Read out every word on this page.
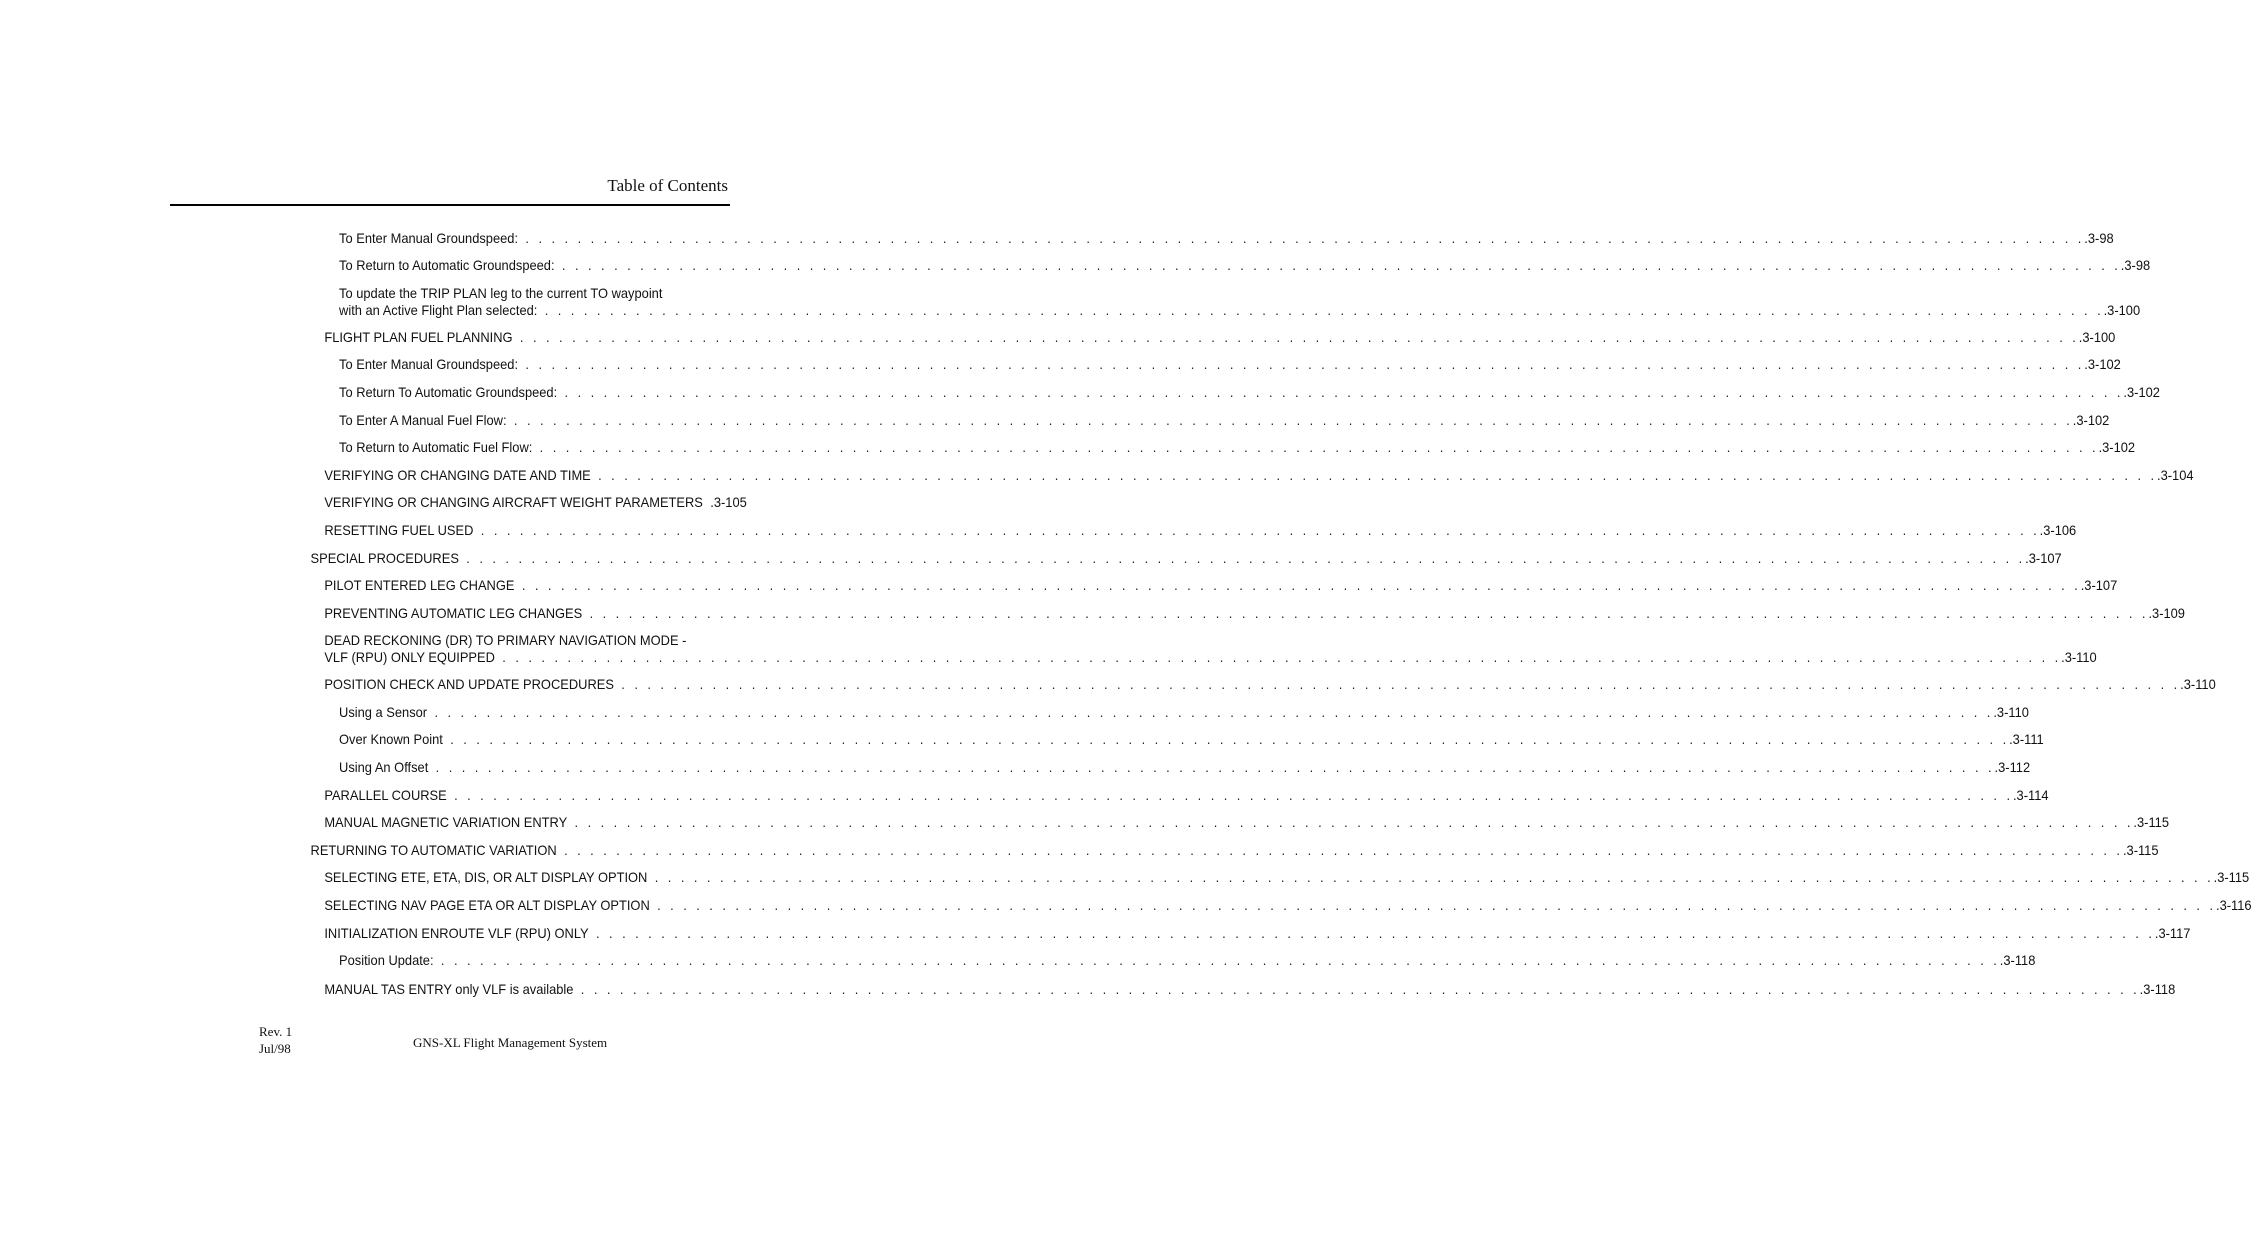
Table of Contents
To Enter Manual Groundspeed: . . . . . . . . . . . . . . . . . . . . . . . . . . . . . . . . . . . . . . . . . . . . . . . . . . . . . . . . . . . . . . . . . . . . . . . . . . . . . . . . . . . . . . . . . . . . . . . . . . . . . . . . . . . . . . . . . . . . . . . . .3-98
To Return to Automatic Groundspeed: . . . . . . . . . . . . . . . . . . . . . . . . . . . . . . . . . . . . . . . . . . . . . . . . . . . . . . . . . . . . . . . . . . . . . . . . . . . . . . . . . . . . . . . . . . . . . . . . . . . . . . . . . . . . . . . . . . . . . . . . .3-98
To update the TRIP PLAN leg to the current TO waypoint
with an Active Flight Plan selected: . . . . . . . . . . . . . . . . . . . . . . . . . . . . . . . . . . . . . . . . . . . . . . . . . . . . . . . . . . . . . . . . . . . . . . . . . . . . . . . . . . . . . . . . . . . . . . . . . . . . . . . . . . . . . . . . . . . . . . . . .3-100
FLIGHT PLAN FUEL PLANNING . . . . . . . . . . . . . . . . . . . . . . . . . . . . . . . . . . . . . . . . . . . . . . . . . . . . . . . . . . . . . . . . . . . . . . . . . . . . . . . . . . . . . . . . . . . . . . . . . . . . . . . . . . . . . . . . . . . . . . . . .3-100
To Enter Manual Groundspeed: . . . . . . . . . . . . . . . . . . . . . . . . . . . . . . . . . . . . . . . . . . . . . . . . . . . . . . . . . . . . . . . . . . . . . . . . . . . . . . . . . . . . . . . . . . . . . . . . . . . . . . . . . . . . . . . . . . . . . . . . .3-102
To Return To Automatic Groundspeed: . . . . . . . . . . . . . . . . . . . . . . . . . . . . . . . . . . . . . . . . . . . . . . . . . . . . . . . . . . . . . . . . . . . . . . . . . . . . . . . . . . . . . . . . . . . . . . . . . . . . . . . . . . . . . . . . . . . . . . . . .3-102
To Enter A Manual Fuel Flow: . . . . . . . . . . . . . . . . . . . . . . . . . . . . . . . . . . . . . . . . . . . . . . . . . . . . . . . . . . . . . . . . . . . . . . . . . . . . . . . . . . . . . . . . . . . . . . . . . . . . . . . . . . . . . . . . . . . . . . . . .3-102
To Return to Automatic Fuel Flow: . . . . . . . . . . . . . . . . . . . . . . . . . . . . . . . . . . . . . . . . . . . . . . . . . . . . . . . . . . . . . . . . . . . . . . . . . . . . . . . . . . . . . . . . . . . . . . . . . . . . . . . . . . . . . . . . . . . . . . . . .3-102
VERIFYING OR CHANGING DATE AND TIME . . . . . . . . . . . . . . . . . . . . . . . . . . . . . . . . . . . . . . . . . . . . . . . . . . . . . . . . . . . . . . . . . . . . . . . . . . . . . . . . . . . . . . . . . . . . . . . . . . . . . . . . . . . . . . . . . . . . . . . . .3-104
VERIFYING OR CHANGING AIRCRAFT WEIGHT PARAMETERS .3-105
RESETTING FUEL USED . . . . . . . . . . . . . . . . . . . . . . . . . . . . . . . . . . . . . . . . . . . . . . . . . . . . . . . . . . . . . . . . . . . . . . . . . . . . . . . . . . . . . . . . . . . . . . . . . . . . . . . . . . . . . . . . . . . . . . . . .3-106
SPECIAL PROCEDURES . . . . . . . . . . . . . . . . . . . . . . . . . . . . . . . . . . . . . . . . . . . . . . . . . . . . . . . . . . . . . . . . . . . . . . . . . . . . . . . . . . . . . . . . . . . . . . . . . . . . . . . . . . . . . . . . . . . . . . . . .3-107
PILOT ENTERED LEG CHANGE . . . . . . . . . . . . . . . . . . . . . . . . . . . . . . . . . . . . . . . . . . . . . . . . . . . . . . . . . . . . . . . . . . . . . . . . . . . . . . . . . . . . . . . . . . . . . . . . . . . . . . . . . . . . . . . . . . . . . . . . .3-107
PREVENTING AUTOMATIC LEG CHANGES . . . . . . . . . . . . . . . . . . . . . . . . . . . . . . . . . . . . . . . . . . . . . . . . . . . . . . . . . . . . . . . . . . . . . . . . . . . . . . . . . . . . . . . . . . . . . . . . . . . . . . . . . . . . . . . . . . . . . . . . .3-109
DEAD RECKONING (DR) TO PRIMARY NAVIGATION MODE -
VLF (RPU) ONLY EQUIPPED . . . . . . . . . . . . . . . . . . . . . . . . . . . . . . . . . . . . . . . . . . . . . . . . . . . . . . . . . . . . . . . . . . . . . . . . . . . . . . . . . . . . . . . . . . . . . . . . . . . . . . . . . . . . . . . . . . . . . . . . .3-110
POSITION CHECK AND UPDATE PROCEDURES . . . . . . . . . . . . . . . . . . . . . . . . . . . . . . . . . . . . . . . . . . . . . . . . . . . . . . . . . . . . . . . . . . . . . . . . . . . . . . . . . . . . . . . . . . . . . . . . . . . . . . . . . . . . . . . . . . . . . . . . .3-110
Using a Sensor . . . . . . . . . . . . . . . . . . . . . . . . . . . . . . . . . . . . . . . . . . . . . . . . . . . . . . . . . . . . . . . . . . . . . . . . . . . . . . . . . . . . . . . . . . . . . . . . . . . . . . . . . . . . . . . . . . . . . . . . .3-110
Over Known Point . . . . . . . . . . . . . . . . . . . . . . . . . . . . . . . . . . . . . . . . . . . . . . . . . . . . . . . . . . . . . . . . . . . . . . . . . . . . . . . . . . . . . . . . . . . . . . . . . . . . . . . . . . . . . . . . . . . . . . . . .3-111
Using An Offset . . . . . . . . . . . . . . . . . . . . . . . . . . . . . . . . . . . . . . . . . . . . . . . . . . . . . . . . . . . . . . . . . . . . . . . . . . . . . . . . . . . . . . . . . . . . . . . . . . . . . . . . . . . . . . . . . . . . . . . . .3-112
PARALLEL COURSE . . . . . . . . . . . . . . . . . . . . . . . . . . . . . . . . . . . . . . . . . . . . . . . . . . . . . . . . . . . . . . . . . . . . . . . . . . . . . . . . . . . . . . . . . . . . . . . . . . . . . . . . . . . . . . . . . . . . . . . . .3-114
MANUAL MAGNETIC VARIATION ENTRY . . . . . . . . . . . . . . . . . . . . . . . . . . . . . . . . . . . . . . . . . . . . . . . . . . . . . . . . . . . . . . . . . . . . . . . . . . . . . . . . . . . . . . . . . . . . . . . . . . . . . . . . . . . . . . . . . . . . . . . . .3-115
RETURNING TO AUTOMATIC VARIATION . . . . . . . . . . . . . . . . . . . . . . . . . . . . . . . . . . . . . . . . . . . . . . . . . . . . . . . . . . . . . . . . . . . . . . . . . . . . . . . . . . . . . . . . . . . . . . . . . . . . . . . . . . . . . . . . . . . . . . . . .3-115
SELECTING ETE, ETA, DIS, OR ALT DISPLAY OPTION . . . . . . . . . . . . . . . . . . . . . . . . . . . . . . . . . . . . . . . . . . . . . . . . . . . . . . . . . . . . . . . . . . . . . . . . . . . . . . . . . . . . . . . . . . . . . . . . . . . . . . . . . . . . . . . . . . . . . . . . .3-115
SELECTING NAV PAGE ETA OR ALT DISPLAY OPTION . . . . . . . . . . . . . . . . . . . . . . . . . . . . . . . . . . . . . . . . . . . . . . . . . . . . . . . . . . . . . . . . . . . . . . . . . . . . . . . . . . . . . . . . . . . . . . . . . . . . . . . . . . . . . . . . . . . . . . . . .3-116
INITIALIZATION ENROUTE VLF (RPU) ONLY . . . . . . . . . . . . . . . . . . . . . . . . . . . . . . . . . . . . . . . . . . . . . . . . . . . . . . . . . . . . . . . . . . . . . . . . . . . . . . . . . . . . . . . . . . . . . . . . . . . . . . . . . . . . . . . . . . . . . . . . .3-117
Position Update: . . . . . . . . . . . . . . . . . . . . . . . . . . . . . . . . . . . . . . . . . . . . . . . . . . . . . . . . . . . . . . . . . . . . . . . . . . . . . . . . . . . . . . . . . . . . . . . . . . . . . . . . . . . . . . . . . . . . . . . . .3-118
MANUAL TAS ENTRY only VLF is available . . . . . . . . . . . . . . . . . . . . . . . . . . . . . . . . . . . . . . . . . . . . . . . . . . . . . . . . . . . . . . . . . . . . . . . . . . . . . . . . . . . . . . . . . . . . . . . . . . . . . . . . . . . . . . . . . . . . . . . . .3-118
Rev. 1
Jul/98	GNS-XL Flight Management System
